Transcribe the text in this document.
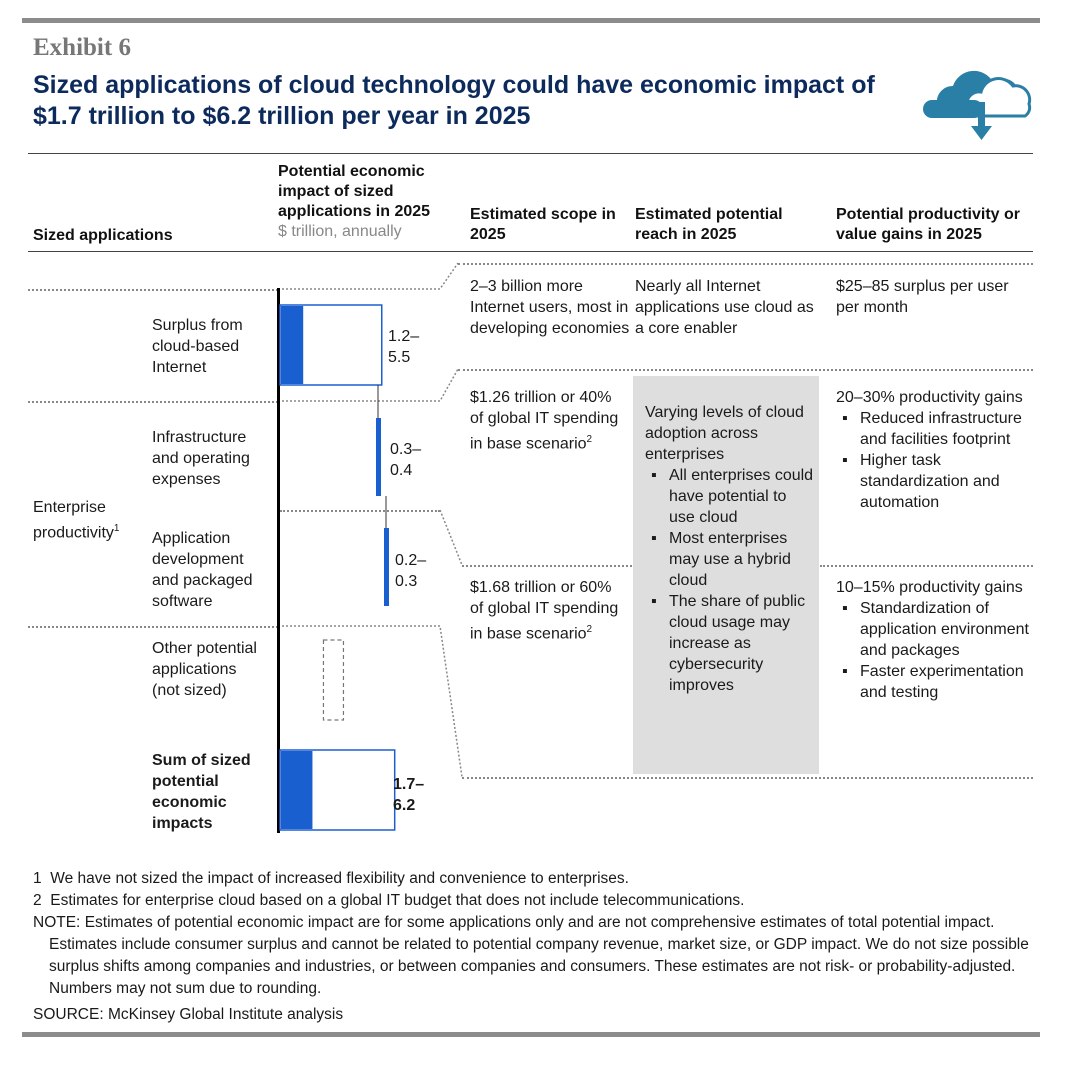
Exhibit 6
Sized applications of cloud technology could have economic impact of $1.7 trillion to $6.2 trillion per year in 2025
Sized applications
Potential economic impact of sized applications in 2025
$ trillion, annually
Estimated scope in 2025
Estimated potential reach in 2025
Potential productivity or value gains in 2025
Surplus from cloud-based Internet
Infrastructure and operating expenses
Application development and packaged software
Other potential applications (not sized)
Sum of sized potential economic impacts
Enterprise productivity$^1$
1.2–
5.5
0.3–
0.4
0.2–
0.3
1.7–
6.2
2–3 billion more Internet users, most in developing economies
$1.26 trillion or 40% of global IT spending in base scenario$^2$
$1.68 trillion or 60% of global IT spending in base scenario$^2$
Nearly all Internet applications use cloud as a core enabler
Varying levels of cloud adoption across enterprises
▪ All enterprises could have potential to use cloud
▪ Most enterprises may use a hybrid cloud
▪ The share of public cloud usage may increase as cybersecurity improves
$25–85 surplus per user per month
20–30% productivity gains
▪ Reduced infrastructure and facilities footprint
▪ Higher task standardization and automation
10–15% productivity gains
▪ Standardization of application environment and packages
▪ Faster experimentation and testing
1 We have not sized the impact of increased flexibility and convenience to enterprises.
2 Estimates for enterprise cloud based on a global IT budget that does not include telecommunications.
NOTE: Estimates of potential economic impact are for some applications only and are not comprehensive estimates of total potential impact. Estimates include consumer surplus and cannot be related to potential company revenue, market size, or GDP impact. We do not size possible surplus shifts among companies and industries, or between companies and consumers. These estimates are not risk- or probability-adjusted. Numbers may not sum due to rounding.
SOURCE: McKinsey Global Institute analysis
